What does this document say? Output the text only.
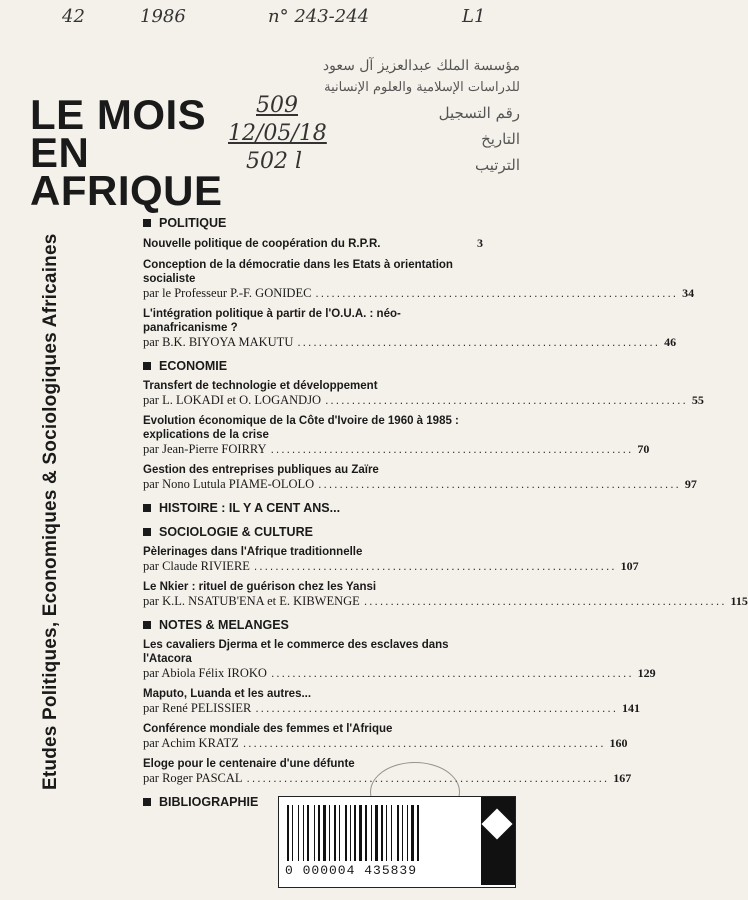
42	1986	n° 243-244	L1
مؤسسة الملك عبدالعزيز آل سعود
للدراسات الإسلامية والعلوم الإنسانية
رقم التسجيل
التاريخ
الترتيب
509
12/05/18
502 l
LE MOIS
EN
AFRIQUE
Etudes Politiques, Economiques & Sociologiques Africaines
POLITIQUE
Nouvelle politique de coopération du R.P.R.	3
Conception de la démocratie dans les Etats à orientation socialiste
par le Professeur P.-F. GONIDEC .................................................................... 34
L'intégration politique à partir de l'O.U.A. : néo-panafricanisme ?
par B.K. BIYOYA MAKUTU .................................................................... 46
ECONOMIE
Transfert de technologie et développement
par L. LOKADI et O. LOGANDJO .................................................................... 55
Evolution économique de la Côte d'Ivoire de 1960 à 1985 : explications de la crise
par Jean-Pierre FOIRRY .................................................................... 70
Gestion des entreprises publiques au Zaïre
par Nono Lutula PIAME-OLOLO .................................................................... 97
HISTOIRE : IL Y A CENT ANS...
SOCIOLOGIE & CULTURE
Pèlerinages dans l'Afrique traditionnelle
par Claude RIVIERE .................................................................... 107
Le Nkier : rituel de guérison chez les Yansi
par K.L. NSATUB'ENA et E. KIBWENGE .................................................................... 115
NOTES & MELANGES
Les cavaliers Djerma et le commerce des esclaves dans l'Atacora
par Abiola Félix IROKO .................................................................... 129
Maputo, Luanda et les autres...
par René PELISSIER .................................................................... 141
Conférence mondiale des femmes et l'Afrique
par Achim KRATZ .................................................................... 160
Eloge pour le centenaire d'une défunte
par Roger PASCAL .................................................................... 167
BIBLIOGRAPHIE
0 000004 435839
